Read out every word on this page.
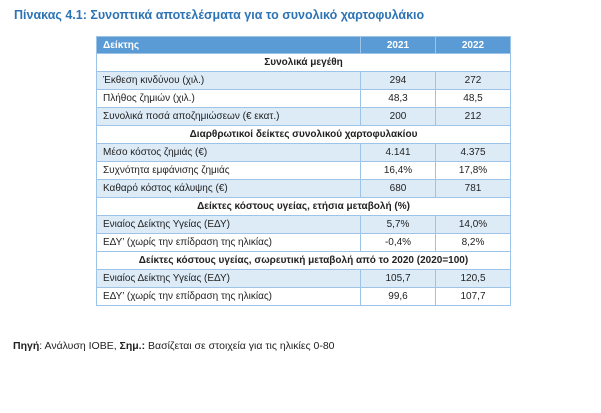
Πίνακας 4.1: Συνοπτικά αποτελέσματα για το συνολικό χαρτοφυλάκιο
Δείκτης	2021	2022
Συνολικά μεγέθη		
Έκθεση κινδύνου (χιλ.)	294	272
Πλήθος ζημιών (χιλ.)	48,3	48,5
Συνολικά ποσά αποζημιώσεων (€ εκατ.)	200	212
Διαρθρωτικοί δείκτες συνολικού χαρτοφυλακίου		
Μέσο κόστος ζημιάς (€)	4.141	4.375
Συχνότητα εμφάνισης ζημιάς	16,4%	17,8%
Καθαρό κόστος κάλυψης (€)	680	781
Δείκτες κόστους υγείας, ετήσια μεταβολή (%)		
Ενιαίος Δείκτης Υγείας (ΕΔΥ)	5,7%	14,0%
ΕΔΥ’ (χωρίς την επίδραση της ηλικίας)	-0,4%	8,2%
Δείκτες κόστους υγείας, σωρευτική μεταβολή από το 2020 (2020=100)		
Ενιαίος Δείκτης Υγείας (ΕΔΥ)	105,7	120,5
ΕΔΥ’ (χωρίς την επίδραση της ηλικίας)	99,6	107,7
Πηγή: Ανάλυση ΙΟΒΕ, Σημ.: Βασίζεται σε στοιχεία για τις ηλικίες 0-80
